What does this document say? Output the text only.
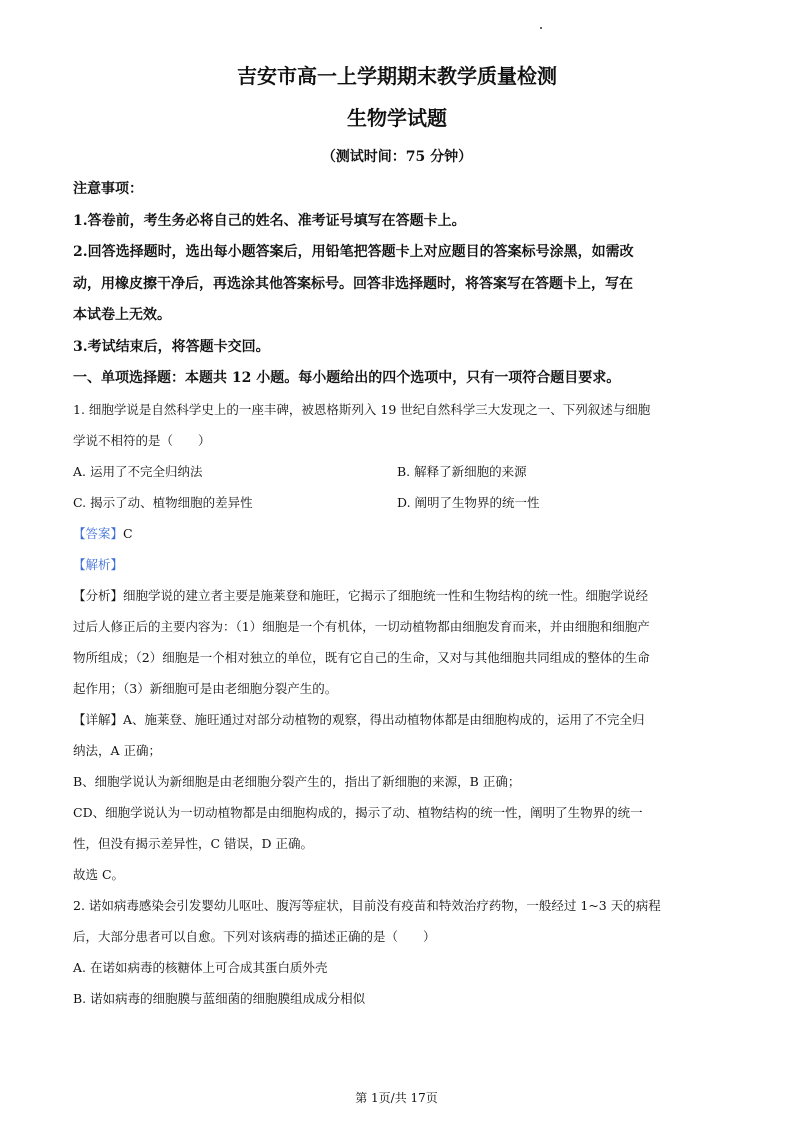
吉安市高一上学期期末教学质量检测
生物学试题
（测试时间：75 分钟）

注意事项：

1.答卷前，考生务必将自己的姓名、准考证号填写在答题卡上。

2.回答选择题时，选出每小题答案后，用铅笔把答题卡上对应题目的答案标号涂黑，如需改

动，用橡皮擦干净后，再选涂其他答案标号。回答非选择题时，将答案写在答题卡上，写在

本试卷上无效。

3.考试结束后，将答题卡交回。

一、单项选择题：本题共 12 小题。每小题给出的四个选项中，只有一项符合题目要求。

1. 细胞学说是自然科学史上的一座丰碑，被恩格斯列入 19 世纪自然科学三大发现之一、下列叙述与细胞

学说不相符的是（　　）

A. 运用了不完全归纳法	B. 解释了新细胞的来源
C. 揭示了动、植物细胞的差异性	D. 阐明了生物界的统一性

【答案】C

【解析】

【分析】细胞学说的建立者主要是施莱登和施旺，它揭示了细胞统一性和生物结构的统一性。细胞学说经

过后人修正后的主要内容为：（1）细胞是一个有机体，一切动植物都由细胞发育而来，并由细胞和细胞产

物所组成；（2）细胞是一个相对独立的单位，既有它自己的生命，又对与其他细胞共同组成的整体的生命

起作用；（3）新细胞可是由老细胞分裂产生的。

【详解】A、施莱登、施旺通过对部分动植物的观察，得出动植物体都是由细胞构成的，运用了不完全归

纳法，A 正确；

B、细胞学说认为新细胞是由老细胞分裂产生的，指出了新细胞的来源，B 正确；

CD、细胞学说认为一切动植物都是由细胞构成的，揭示了动、植物结构的统一性，阐明了生物界的统一

性，但没有揭示差异性，C 错误，D 正确。

故选 C。

2. 诺如病毒感染会引发婴幼儿呕吐、腹泻等症状，目前没有疫苗和特效治疗药物，一般经过 1~3 天的病程

后，大部分患者可以自愈。下列对该病毒的描述正确的是（　　）

A. 在诺如病毒的核糖体上可合成其蛋白质外壳

B. 诺如病毒的细胞膜与蓝细菌的细胞膜组成成分相似

第 1页/共 17页
